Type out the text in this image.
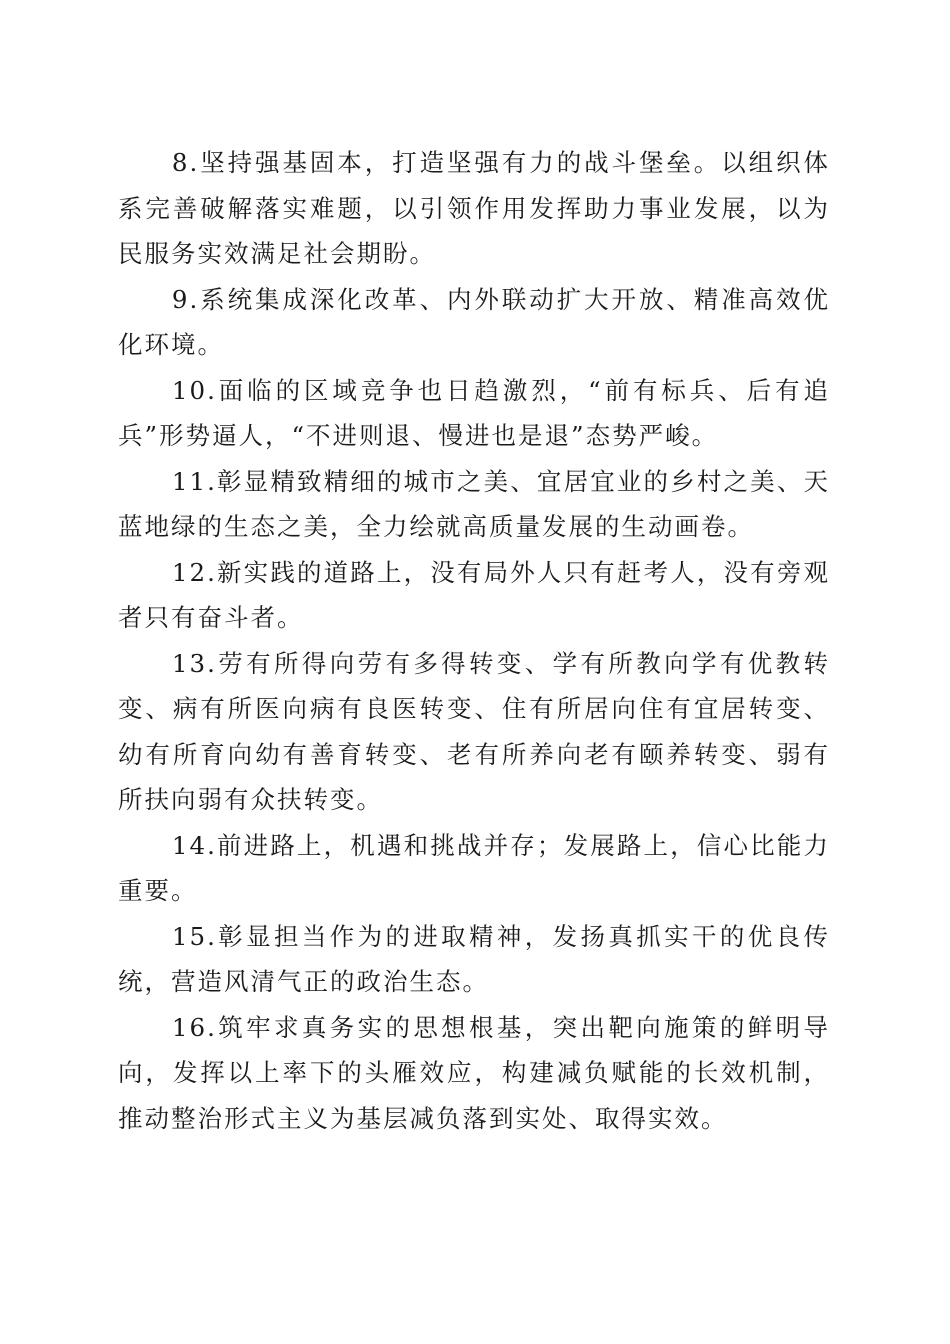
8.坚持强基固本，打造坚强有力的战斗堡垒。以组织体系完善破解落实难题，以引领作用发挥助力事业发展，以为民服务实效满足社会期盼。

9.系统集成深化改革、内外联动扩大开放、精准高效优化环境。

10.面临的区域竞争也日趋激烈，“前有标兵、后有追兵”形势逼人，“不进则退、慢进也是退”态势严峻。

11.彰显精致精细的城市之美、宜居宜业的乡村之美、天蓝地绿的生态之美，全力绘就高质量发展的生动画卷。

12.新实践的道路上，没有局外人只有赶考人，没有旁观者只有奋斗者。

13.劳有所得向劳有多得转变、学有所教向学有优教转变、病有所医向病有良医转变、住有所居向住有宜居转变、幼有所育向幼有善育转变、老有所养向老有颐养转变、弱有所扶向弱有众扶转变。

14.前进路上，机遇和挑战并存；发展路上，信心比能力重要。

15.彰显担当作为的进取精神，发扬真抓实干的优良传统，营造风清气正的政治生态。

16.筑牢求真务实的思想根基，突出靶向施策的鲜明导向，发挥以上率下的头雁效应，构建减负赋能的长效机制，推动整治形式主义为基层减负落到实处、取得实效。
